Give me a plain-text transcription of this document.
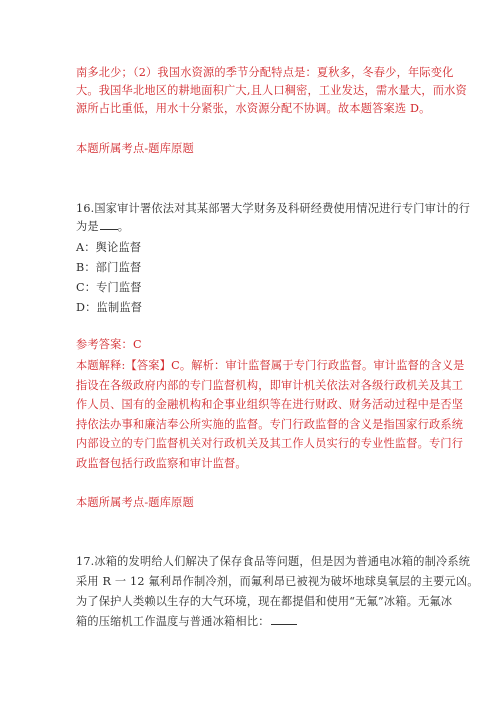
南多北少；（2）我国水资源的季节分配特点是：夏秋多，冬春少，年际变化
大。我国华北地区的耕地面积广大,且人口稠密，工业发达，需水量大，而水资
源所占比重低，用水十分紧张，水资源分配不协调。故本题答案选 D。
本题所属考点-题库原题
16.国家审计署依法对其某部署大学财务及科研经费使用情况进行专门审计的行
为是 。
A：舆论监督
B：部门监督
C：专门监督
D：监制监督
参考答案：C
本题解释:【答案】C。解析：审计监督属于专门行政监督。审计监督的含义是
指设在各级政府内部的专门监督机构，即审计机关依法对各级行政机关及其工
作人员、国有的金融机构和企事业组织等在进行财政、财务活动过程中是否坚
持依法办事和廉洁奉公所实施的监督。专门行政监督的含义是指国家行政系统
内部设立的专门监督机关对行政机关及其工作人员实行的专业性监督。专门行
政监督包括行政监察和审计监督。
本题所属考点-题库原题
17.冰箱的发明给人们解决了保存食品等问题，但是因为普通电冰箱的制冷系统
采用 R 一 12 氟利昂作制冷剂，而氟利昂已被视为破坏地球臭氧层的主要元凶。
为了保护人类赖以生存的大气环境，现在都提倡和使用“无氟”冰箱。无氟冰
箱的压缩机工作温度与普通冰箱相比：
